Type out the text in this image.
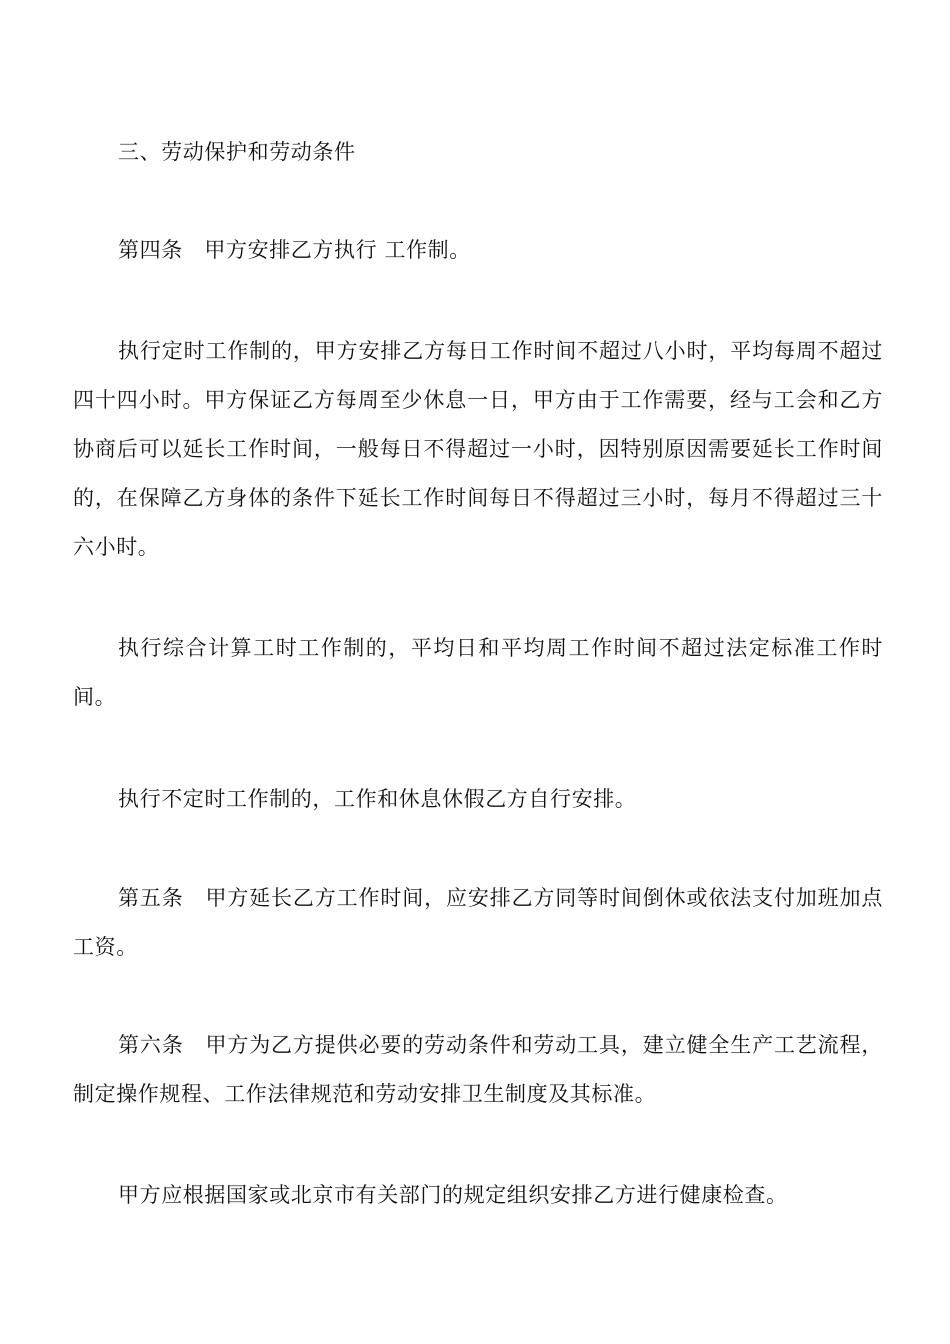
三、劳动保护和劳动条件

第四条　甲方安排乙方执行 工作制。

执行定时工作制的，甲方安排乙方每日工作时间不超过八小时，平均每周不超过四十四小时。甲方保证乙方每周至少休息一日，甲方由于工作需要，经与工会和乙方协商后可以延长工作时间，一般每日不得超过一小时，因特别原因需要延长工作时间的，在保障乙方身体的条件下延长工作时间每日不得超过三小时，每月不得超过三十六小时。

执行综合计算工时工作制的，平均日和平均周工作时间不超过法定标准工作时间。

执行不定时工作制的，工作和休息休假乙方自行安排。

第五条　甲方延长乙方工作时间，应安排乙方同等时间倒休或依法支付加班加点工资。

第六条　甲方为乙方提供必要的劳动条件和劳动工具，建立健全生产工艺流程，制定操作规程、工作法律规范和劳动安排卫生制度及其标准。

甲方应根据国家或北京市有关部门的规定组织安排乙方进行健康检查。
